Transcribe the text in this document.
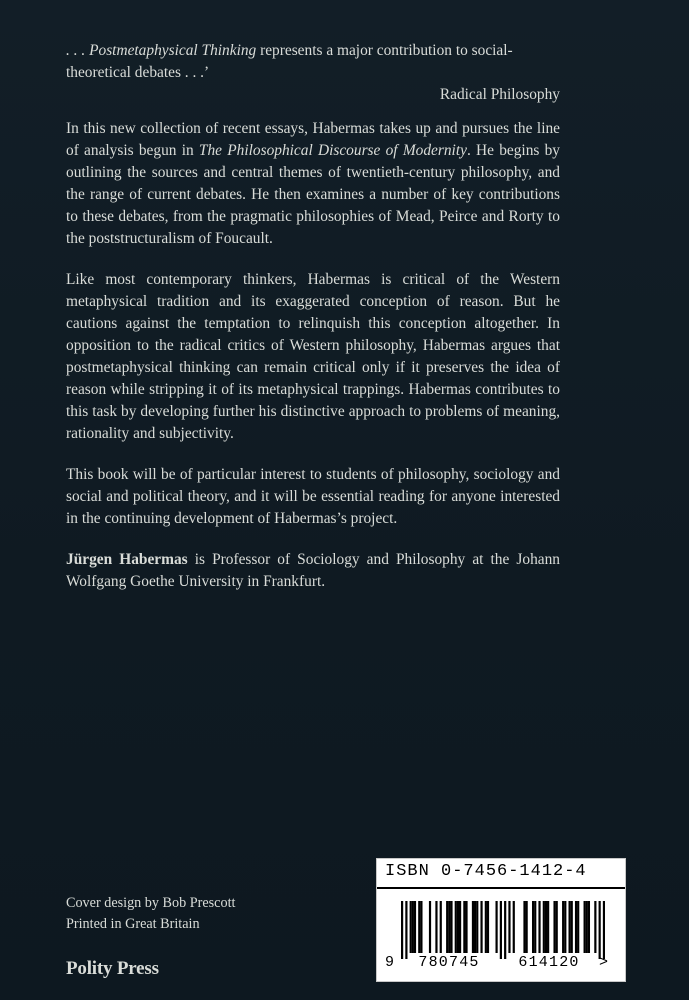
. . . Postmetaphysical Thinking represents a major contribution to social-
theoretical debates . . .’
Radical Philosophy

In this new collection of recent essays, Habermas takes up and pursues the line of analysis begun in The Philosophical Discourse of Modernity. He begins by outlining the sources and central themes of twentieth-century philosophy, and the range of current debates. He then examines a number of key contributions to these debates, from the pragmatic philosophies of Mead, Peirce and Rorty to the poststructuralism of Foucault.

Like most contemporary thinkers, Habermas is critical of the Western metaphysical tradition and its exaggerated conception of reason. But he cautions against the temptation to relinquish this conception altogether. In opposition to the radical critics of Western philosophy, Habermas argues that postmetaphysical thinking can remain critical only if it preserves the idea of reason while stripping it of its metaphysical trappings. Habermas contributes to this task by developing further his distinctive approach to problems of meaning, rationality and subjectivity.

This book will be of particular interest to students of philosophy, sociology and social and political theory, and it will be essential reading for anyone interested in the continuing development of Habermas’s project.

Jürgen Habermas is Professor of Sociology and Philosophy at the Johann Wolfgang Goethe University in Frankfurt.

Cover design by Bob Prescott
Printed in Great Britain
Polity Press
ISBN 0-7456-1412-4
9 780745	614120 >
